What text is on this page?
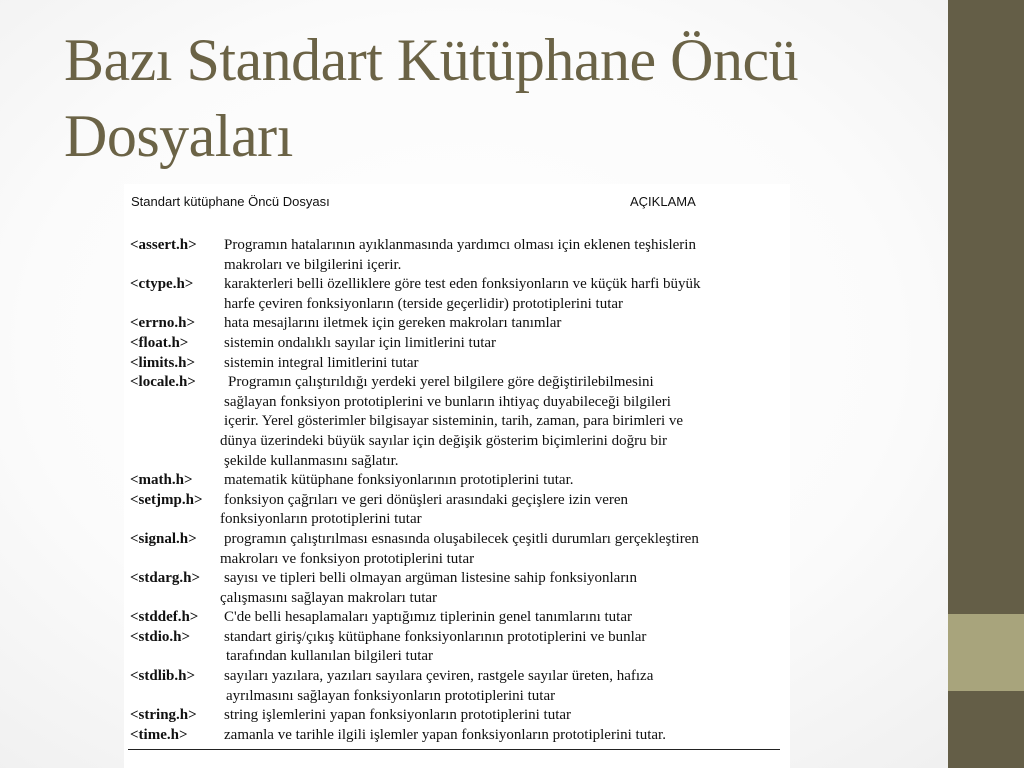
Bazı Standart Kütüphane Öncü Dosyaları
Standart kütüphane Öncü Dosyası	AÇIKLAMA
<assert.h>	Programın hatalarının ayıklanmasında yardımcı olması için eklenen teşhislerin
makroları ve bilgilerini içerir.
<ctype.h>	karakterleri belli özelliklere göre test eden fonksiyonların ve küçük harfi büyük
harfe çeviren fonksiyonların (terside geçerlidir) prototiplerini tutar
<errno.h>	hata mesajlarını iletmek için gereken makroları tanımlar
<float.h>	sistemin ondalıklı sayılar için limitlerini tutar
<limits.h>	sistemin integral limitlerini tutar
<locale.h>	Programın çalıştırıldığı yerdeki yerel bilgilere göre değiştirilebilmesini
sağlayan fonksiyon prototiplerini ve bunların ihtiyaç duyabileceği bilgileri
içerir. Yerel gösterimler bilgisayar sisteminin, tarih, zaman, para birimleri ve
dünya üzerindeki büyük sayılar için değişik gösterim biçimlerini doğru bir
şekilde kullanmasını sağlatır.
<math.h>	matematik kütüphane fonksiyonlarının prototiplerini tutar.
<setjmp.h>	fonksiyon çağrıları ve geri dönüşleri arasındaki geçişlere izin veren
fonksiyonların prototiplerini tutar
<signal.h>	programın çalıştırılması esnasında oluşabilecek çeşitli durumları gerçekleştiren
makroları ve fonksiyon prototiplerini tutar
<stdarg.h>	sayısı ve tipleri belli olmayan argüman listesine sahip fonksiyonların
çalışmasını sağlayan makroları tutar
<stddef.h>	C'de belli hesaplamaları yaptığımız tiplerinin genel tanımlarını tutar
<stdio.h>	standart giriş/çıkış kütüphane fonksiyonlarının prototiplerini ve bunlar
tarafından kullanılan bilgileri tutar
<stdlib.h>	sayıları yazılara, yazıları sayılara çeviren, rastgele sayılar üreten, hafıza
ayrılmasını sağlayan fonksiyonların prototiplerini tutar
<string.h>	string işlemlerini yapan fonksiyonların prototiplerini tutar
<time.h>	zamanla ve tarihle ilgili işlemler yapan fonksiyonların prototiplerini tutar.
